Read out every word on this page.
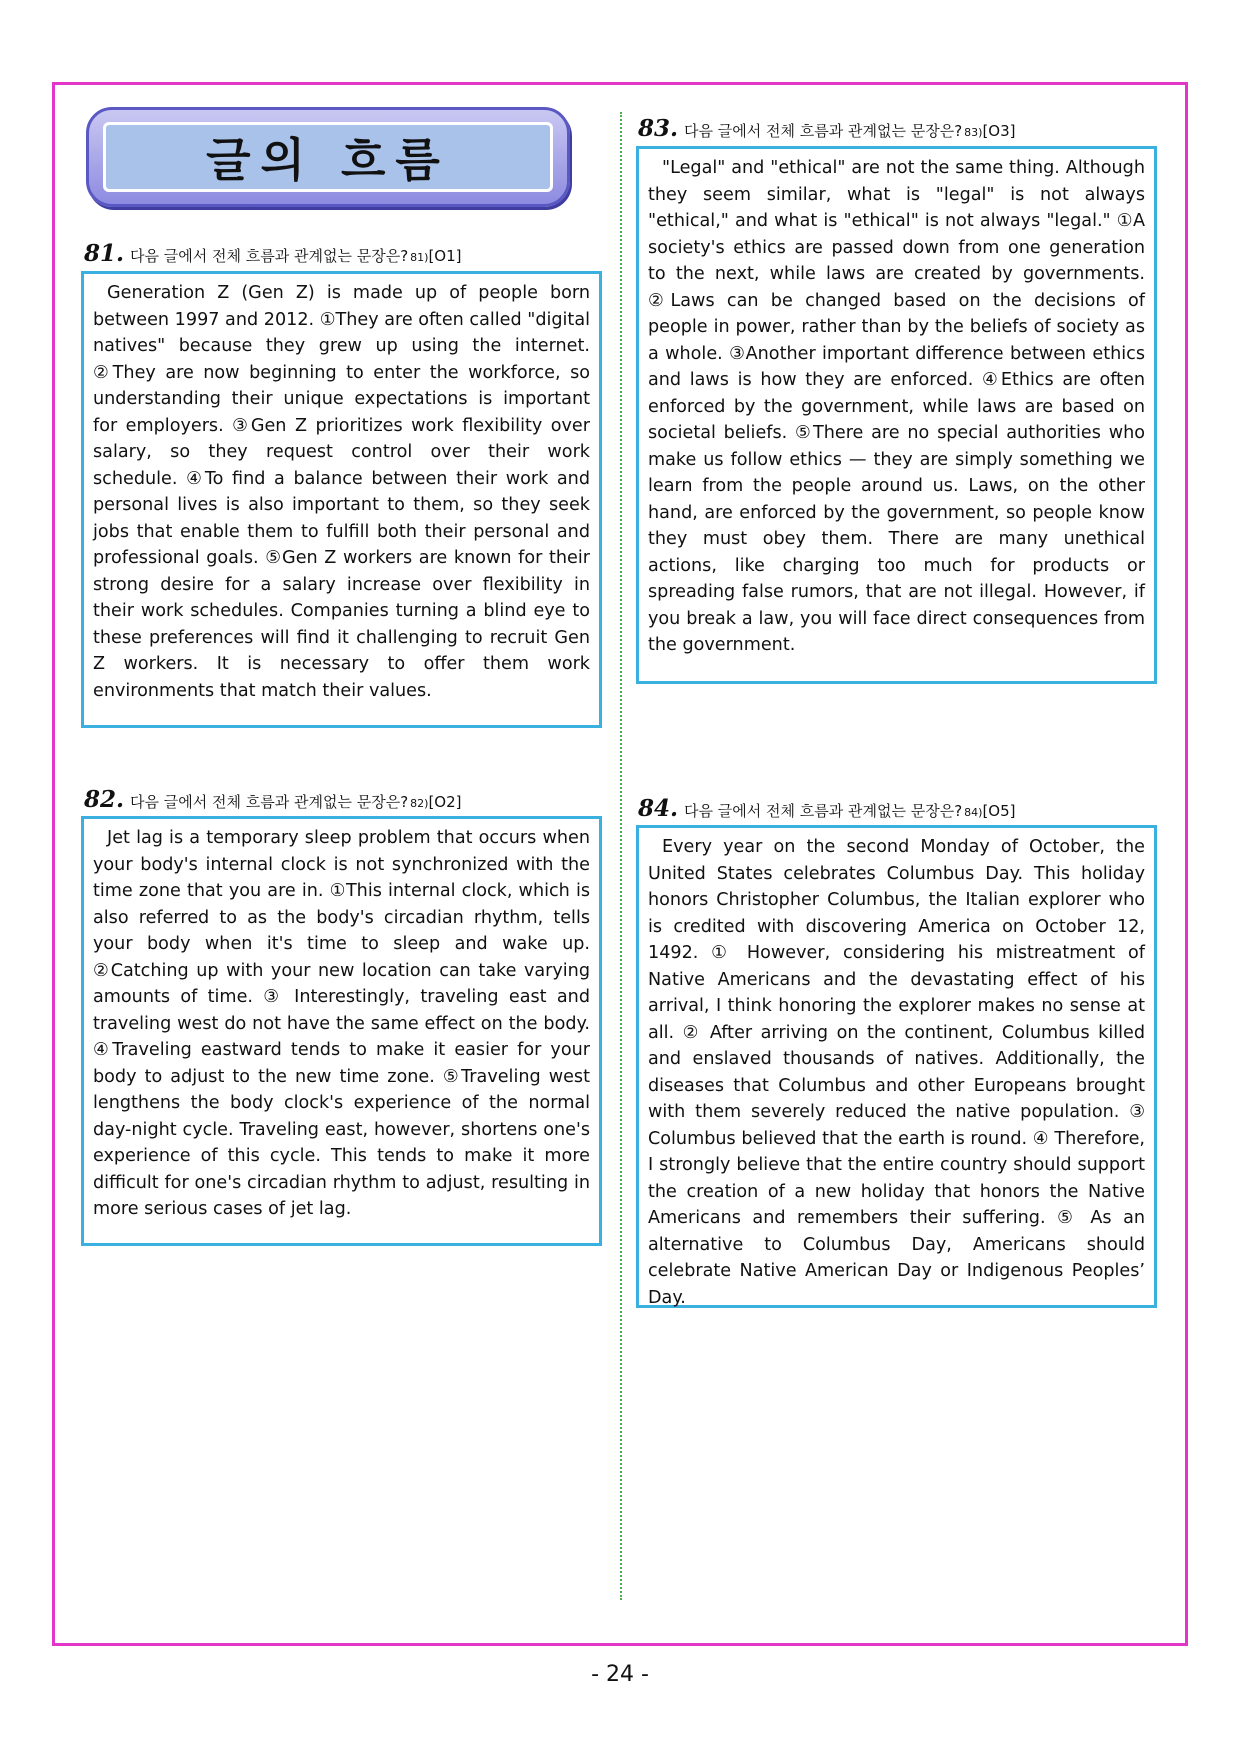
글의 흐름
81. 다음 글에서 전체 흐름과 관계없는 문장은? 81) [O1]
Generation Z (Gen Z) is made up of people born between 1997 and 2012. ①They are often called "digital natives" because they grew up using the internet. ②They are now beginning to enter the workforce, so understanding their unique expectations is important for employers. ③Gen Z prioritizes work flexibility over salary, so they request control over their work schedule. ④To find a balance between their work and personal lives is also important to them, so they seek jobs that enable them to fulfill both their personal and professional goals. ⑤Gen Z workers are known for their strong desire for a salary increase over flexibility in their work schedules. Companies turning a blind eye to these preferences will find it challenging to recruit Gen Z workers. It is necessary to offer them work environments that match their values.
82. 다음 글에서 전체 흐름과 관계없는 문장은? 82) [O2]
Jet lag is a temporary sleep problem that occurs when your body's internal clock is not synchronized with the time zone that you are in. ①This internal clock, which is also referred to as the body's circadian rhythm, tells your body when it's time to sleep and wake up. ②Catching up with your new location can take varying amounts of time. ③ Interestingly, traveling east and traveling west do not have the same effect on the body. ④Traveling eastward tends to make it easier for your body to adjust to the new time zone. ⑤Traveling west lengthens the body clock's experience of the normal day-night cycle. Traveling east, however, shortens one's experience of this cycle. This tends to make it more difficult for one's circadian rhythm to adjust, resulting in more serious cases of jet lag.
83. 다음 글에서 전체 흐름과 관계없는 문장은? 83) [O3]
"Legal" and "ethical" are not the same thing. Although they seem similar, what is "legal" is not always "ethical," and what is "ethical" is not always "legal." ①A society's ethics are passed down from one generation to the next, while laws are created by governments. ②Laws can be changed based on the decisions of people in power, rather than by the beliefs of society as a whole. ③Another important difference between ethics and laws is how they are enforced. ④Ethics are often enforced by the government, while laws are based on societal beliefs. ⑤There are no special authorities who make us follow ethics — they are simply something we learn from the people around us. Laws, on the other hand, are enforced by the government, so people know they must obey them. There are many unethical actions, like charging too much for products or spreading false rumors, that are not illegal. However, if you break a law, you will face direct consequences from the government.
84. 다음 글에서 전체 흐름과 관계없는 문장은? 84) [O5]
Every year on the second Monday of October, the United States celebrates Columbus Day. This holiday honors Christopher Columbus, the Italian explorer who is credited with discovering America on October 12, 1492. ① However, considering his mistreatment of Native Americans and the devastating effect of his arrival, I think honoring the explorer makes no sense at all. ② After arriving on the continent, Columbus killed and enslaved thousands of natives. Additionally, the diseases that Columbus and other Europeans brought with them severely reduced the native population. ③ Columbus believed that the earth is round. ④ Therefore, I strongly believe that the entire country should support the creation of a new holiday that honors the Native Americans and remembers their suffering. ⑤ As an alternative to Columbus Day, Americans should celebrate Native American Day or Indigenous Peoples’ Day.
- 24 -
